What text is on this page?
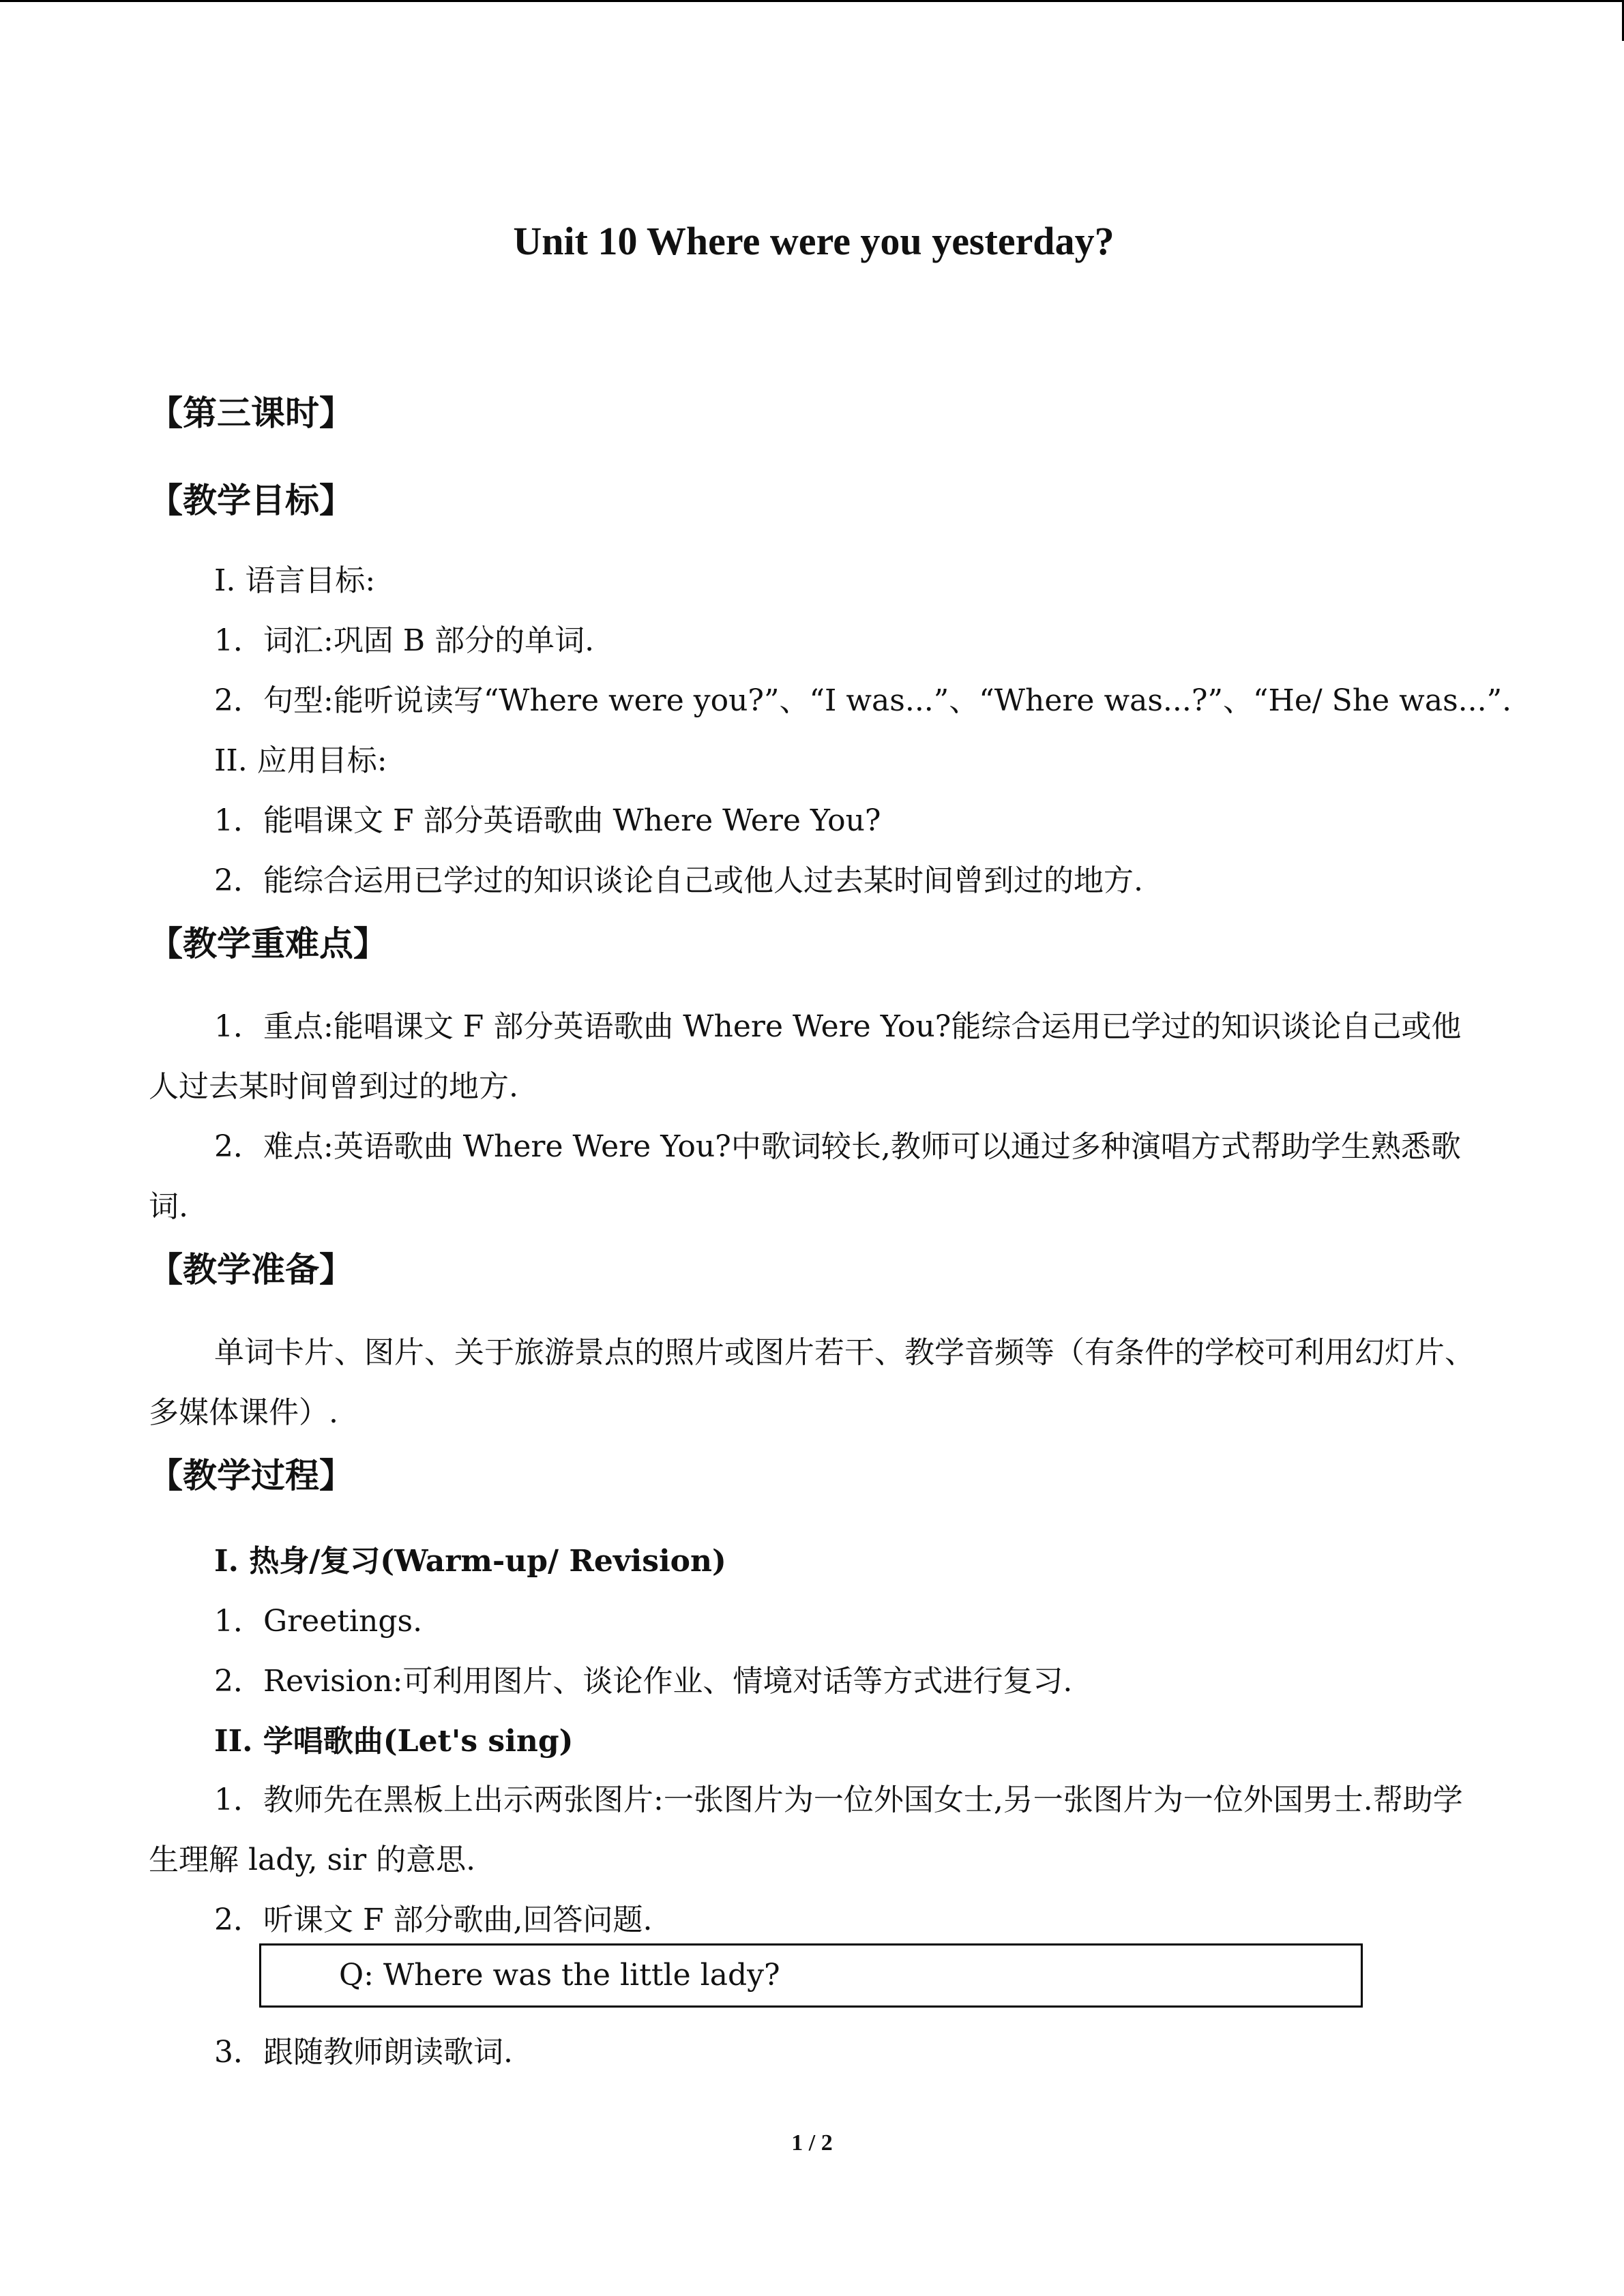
Unit 10 Where were you yesterday?
【第三课时】
【教学目标】
I. 语言目标:
1．词汇:巩固 B 部分的单词.
2．句型:能听说读写“Where were you?”、“I was...”、“Where was...?”、“He/ She was...”.
II. 应用目标:
1．能唱课文 F 部分英语歌曲 Where Were You?
2．能综合运用已学过的知识谈论自己或他人过去某时间曾到过的地方.
【教学重难点】
1．重点:能唱课文 F 部分英语歌曲 Where Were You?能综合运用已学过的知识谈论自己或他人过去某时间曾到过的地方.
2．难点:英语歌曲 Where Were You?中歌词较长,教师可以通过多种演唱方式帮助学生熟悉歌词.
【教学准备】
单词卡片、图片、关于旅游景点的照片或图片若干、教学音频等（有条件的学校可利用幻灯片、多媒体课件）.
【教学过程】
I. 热身/复习(Warm-up/ Revision)
1．Greetings.
2．Revision:可利用图片、谈论作业、情境对话等方式进行复习.
II. 学唱歌曲(Let's sing)
1．教师先在黑板上出示两张图片:一张图片为一位外国女士,另一张图片为一位外国男士.帮助学生理解 lady, sir 的意思.
2．听课文 F 部分歌曲,回答问题.
Q: Where was the little lady?
3．跟随教师朗读歌词.
1 / 2
